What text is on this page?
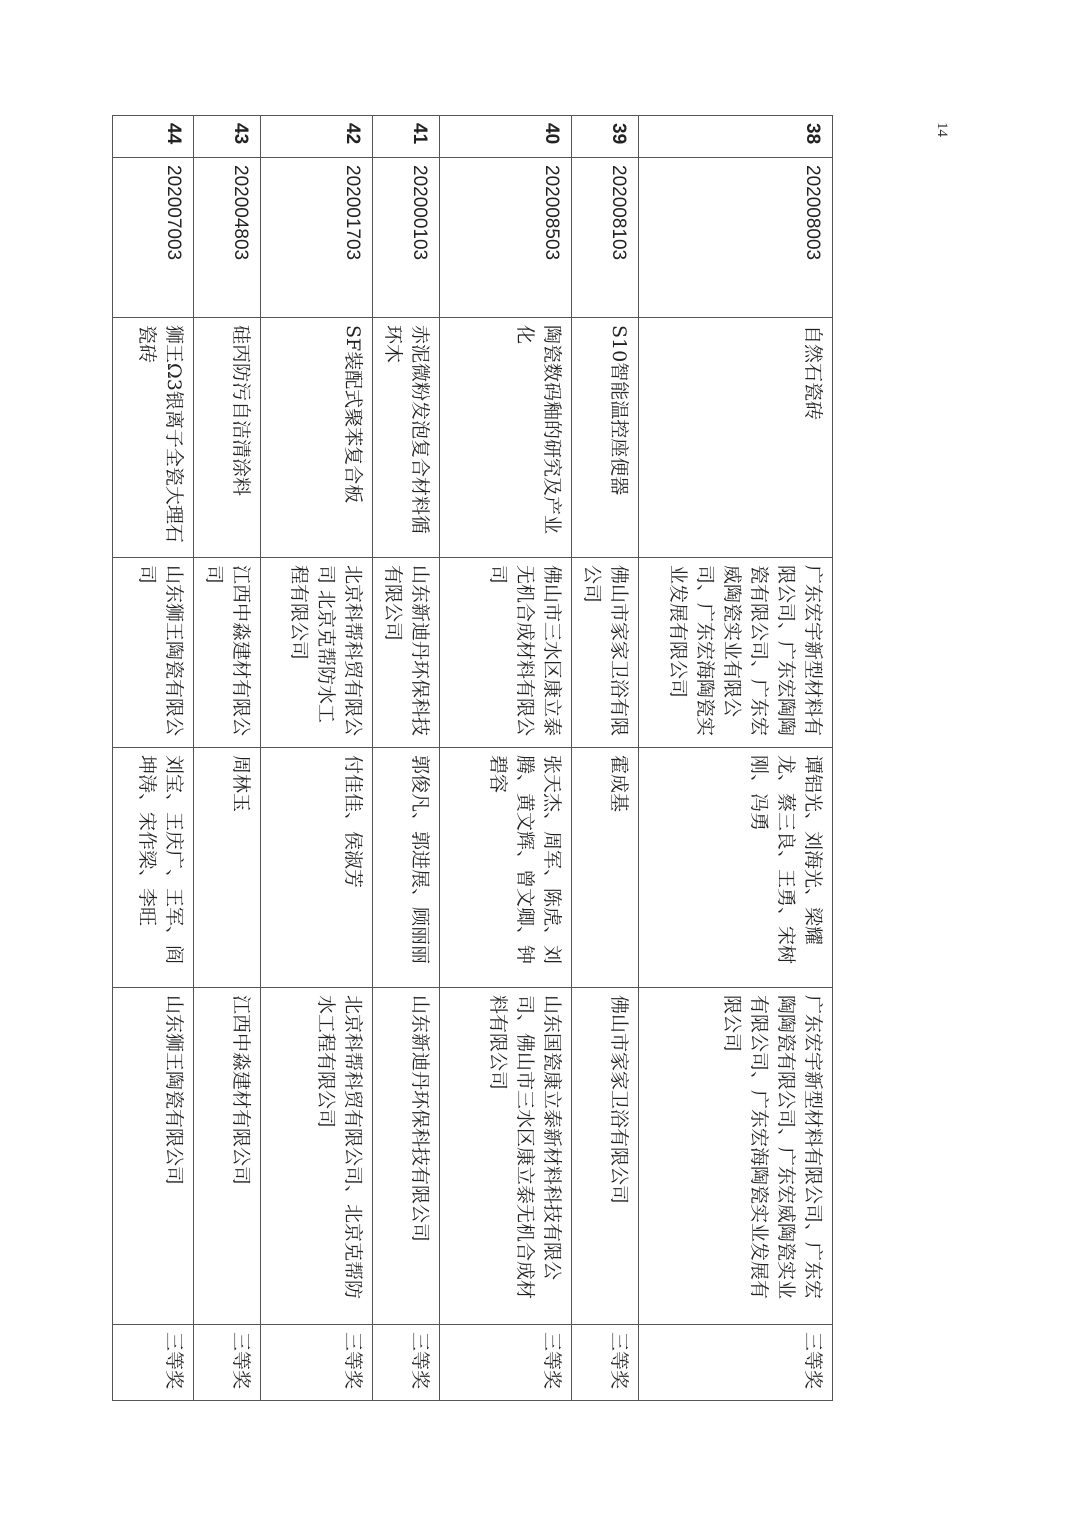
14
38	202008003	自然石瓷砖	广东宏宇新型材料有限公司、广东宏陶陶瓷有限公司、广东宏威陶瓷实业有限公司、广东宏海陶瓷实业发展有限公司	谭铝光、刘海光、梁耀龙、蔡三良、王勇、宋树刚、冯勇	广东宏宇新型材料有限公司、广东宏陶陶瓷有限公司、广东宏威陶瓷实业有限公司、广东宏海陶瓷实业发展有限公司	三等奖
39	202008103	S10智能温控座便器	佛山市家家卫浴有限公司	霍成基	佛山市家家卫浴有限公司	三等奖
40	202008503	陶瓷数码釉的研究及产业化	佛山市三水区康立泰无机合成材料有限公司	张天杰、周军、陈虎、刘腾、黄文辉、曾文卿、钟碧容	山东国瓷康立泰新材料科技有限公司、佛山市三水区康立泰无机合成材料有限公司	三等奖
41	202000103	赤泥微粉发泡复合材料循环木	山东新迪丹环保科技有限公司	郭俊凡、郭进展、顾丽丽	山东新迪丹环保科技有限公司	三等奖
42	202001703	SF装配式聚苯复合板	北京科帮科贸有限公司 北京克帮防水工程有限公司	付佳佳、侯淑芳	北京科帮科贸有限公司、北京克帮防水工程有限公司	三等奖
43	202004803	硅丙防污自洁清涂料	江西中淼建材有限公司	周林玉	江西中淼建材有限公司	三等奖
44	202007003	狮王Ω3银离子全瓷大理石瓷砖	山东狮王陶瓷有限公司	刘宝、王庆广、王军、阎坤涛、宋作梁、李旺	山东狮王陶瓷有限公司	三等奖
